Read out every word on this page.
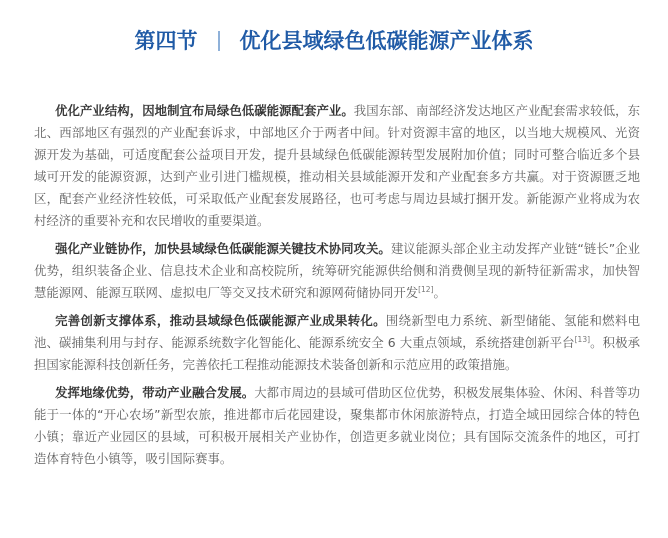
第四节 优化县域绿色低碳能源产业体系

优化产业结构，因地制宜布局绿色低碳能源配套产业。我国东部、南部经济发达地区产业配套需求较低，东北、西部地区有强烈的产业配套诉求，中部地区介于两者中间。针对资源丰富的地区，以当地大规模风、光资源开发为基础，可适度配套公益项目开发，提升县域绿色低碳能源转型发展附加价值；同时可整合临近多个县域可开发的能源资源，达到产业引进门槛规模，推动相关县域能源开发和产业配套多方共赢。对于资源匮乏地区，配套产业经济性较低，可采取低产业配套发展路径，也可考虑与周边县域打捆开发。新能源产业将成为农村经济的重要补充和农民增收的重要渠道。

强化产业链协作，加快县域绿色低碳能源关键技术协同攻关。建议能源头部企业主动发挥产业链“链长”企业优势，组织装备企业、信息技术企业和高校院所，统筹研究能源供给侧和消费侧呈现的新特征新需求，加快智慧能源网、能源互联网、虚拟电厂等交叉技术研究和源网荷储协同开发[12]。

完善创新支撑体系，推动县域绿色低碳能源产业成果转化。围绕新型电力系统、新型储能、氢能和燃料电池、碳捕集利用与封存、能源系统数字化智能化、能源系统安全 6 大重点领域，系统搭建创新平台[13]。积极承担国家能源科技创新任务，完善依托工程推动能源技术装备创新和示范应用的政策措施。

发挥地缘优势，带动产业融合发展。大都市周边的县域可借助区位优势，积极发展集体验、休闲、科普等功能于一体的“开心农场”新型农旅，推进都市后花园建设，聚集都市休闲旅游特点，打造全域田园综合体的特色小镇；靠近产业园区的县域，可积极开展相关产业协作，创造更多就业岗位；具有国际交流条件的地区，可打造体育特色小镇等，吸引国际赛事。
